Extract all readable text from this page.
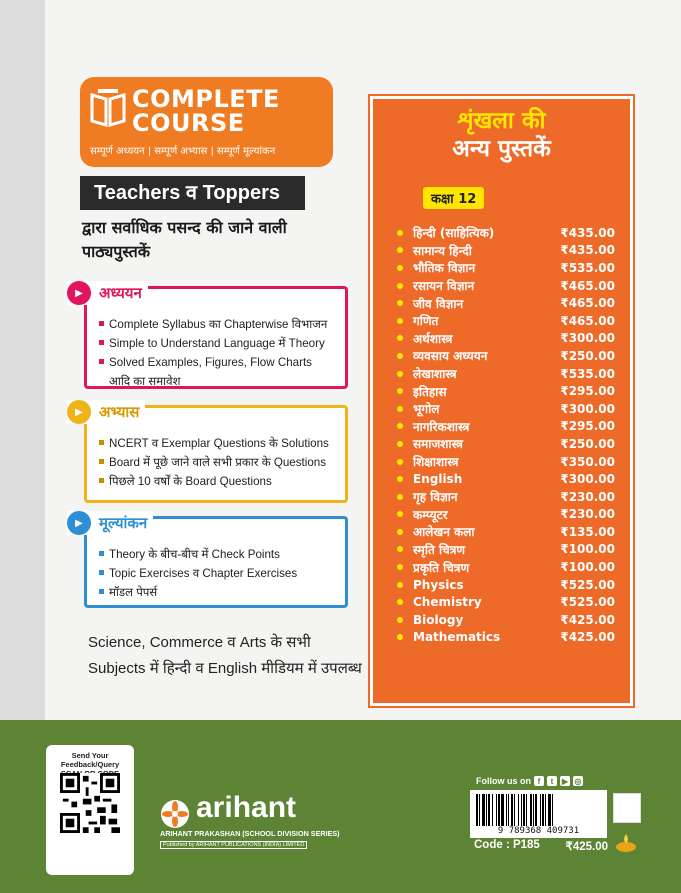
COMPLETE
COURSE
सम्पूर्ण अध्ययन | सम्पूर्ण अभ्यास | सम्पूर्ण मूल्यांकन
Teachers व Toppers
द्वारा सर्वाधिक पसन्द की जाने वाली पाठ्यपुस्तकें
▶	अध्ययन
Complete Syllabus का Chapterwise विभाजन
Simple to Understand Language में Theory
Solved Examples, Figures, Flow Charts आदि का समावेश
▶	अभ्यास
NCERT व Exemplar Questions के Solutions
Board में पूछे जाने वाले सभी प्रकार के Questions
पिछले 10 वर्षों के Board Questions
▶	मूल्यांकन
Theory के बीच-बीच में Check Points
Topic Exercises व Chapter Exercises
मॉडल पेपर्स
Science, Commerce व Arts के सभी Subjects में हिन्दी व English मीडियम में उपलब्ध
शृंखला की
अन्य पुस्तकें
कक्षा 12
हिन्दी (साहित्यिक)	₹435.00
सामान्य हिन्दी	₹435.00
भौतिक विज्ञान	₹535.00
रसायन विज्ञान	₹465.00
जीव विज्ञान	₹465.00
गणित	₹465.00
अर्थशास्त्र	₹300.00
व्यवसाय अध्ययन	₹250.00
लेखाशास्त्र	₹535.00
इतिहास	₹295.00
भूगोल	₹300.00
नागरिकशास्त्र	₹295.00
समाजशास्त्र	₹250.00
शिक्षाशास्त्र	₹350.00
English	₹300.00
गृह विज्ञान	₹230.00
कम्प्यूटर	₹230.00
आलेखन कला	₹135.00
स्मृति चित्रण	₹100.00
प्रकृति चित्रण	₹100.00
Physics	₹525.00
Chemistry	₹525.00
Biology	₹425.00
Mathematics	₹425.00
Send Your Feedback/Query
arihant
ARIHANT PRAKASHAN (SCHOOL DIVISION SERIES)
Published by ARIHANT PUBLICATIONS (INDIA) LIMITED
Follow us on f	t	▶ ◎
9 789368 409731
Code : P185 ₹425.00
